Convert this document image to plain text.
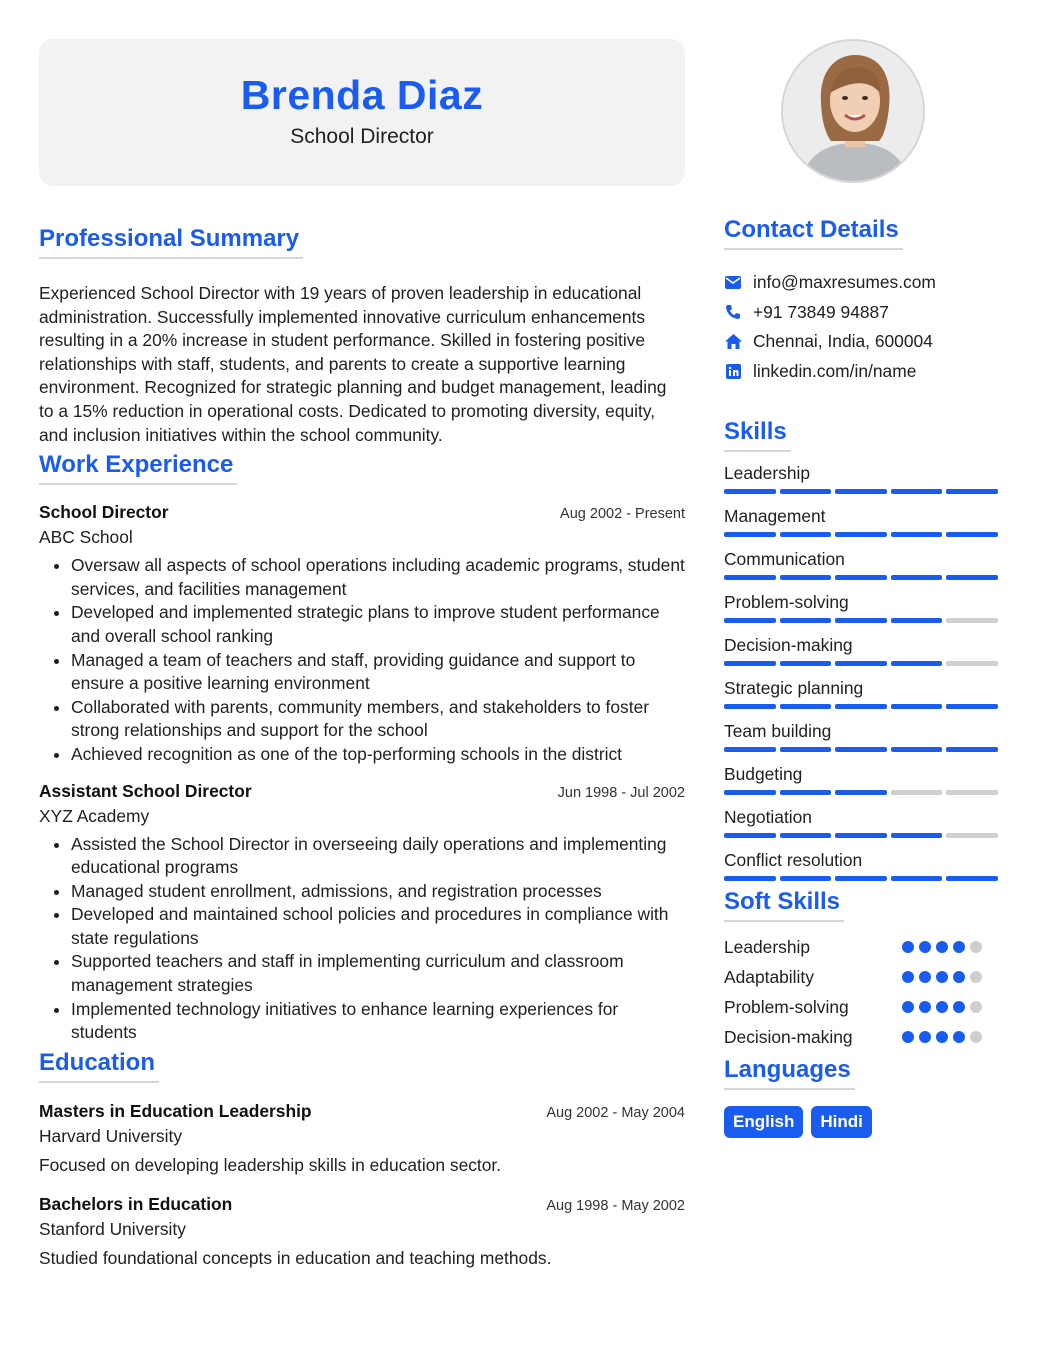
Brenda Diaz
School Director
Professional Summary

Experienced School Director with 19 years of proven leadership in educational administration. Successfully implemented innovative curriculum enhancements resulting in a 20% increase in student performance. Skilled in fostering positive relationships with staff, students, and parents to create a supportive learning environment. Recognized for strategic planning and budget management, leading to a 15% reduction in operational costs. Dedicated to promoting diversity, equity, and inclusion initiatives within the school community.

Work Experience
School Director	Aug 2002 - Present
ABC School
• Oversaw all aspects of school operations including academic programs, student services, and facilities management
• Developed and implemented strategic plans to improve student performance and overall school ranking
• Managed a team of teachers and staff, providing guidance and support to ensure a positive learning environment
• Collaborated with parents, community members, and stakeholders to foster strong relationships and support for the school
• Achieved recognition as one of the top-performing schools in the district
Assistant School Director	Jun 1998 - Jul 2002
XYZ Academy
• Assisted the School Director in overseeing daily operations and implementing educational programs
• Managed student enrollment, admissions, and registration processes
• Developed and maintained school policies and procedures in compliance with state regulations
• Supported teachers and staff in implementing curriculum and classroom management strategies
• Implemented technology initiatives to enhance learning experiences for students
Education
Masters in Education Leadership	Aug 2002 - May 2004
Harvard University
Focused on developing leadership skills in education sector.
Bachelors in Education	Aug 1998 - May 2002
Stanford University
Studied foundational concepts in education and teaching methods.
Contact Details
info@maxresumes.com
+91 73849 94887
Chennai, India, 600004
linkedin.com/in/name
Skills
Leadership
Management
Communication
Problem-solving
Decision-making
Strategic planning
Team building
Budgeting
Negotiation
Conflict resolution
Soft Skills
Leadership
Adaptability
Problem-solving
Decision-making
Languages
English	Hindi
